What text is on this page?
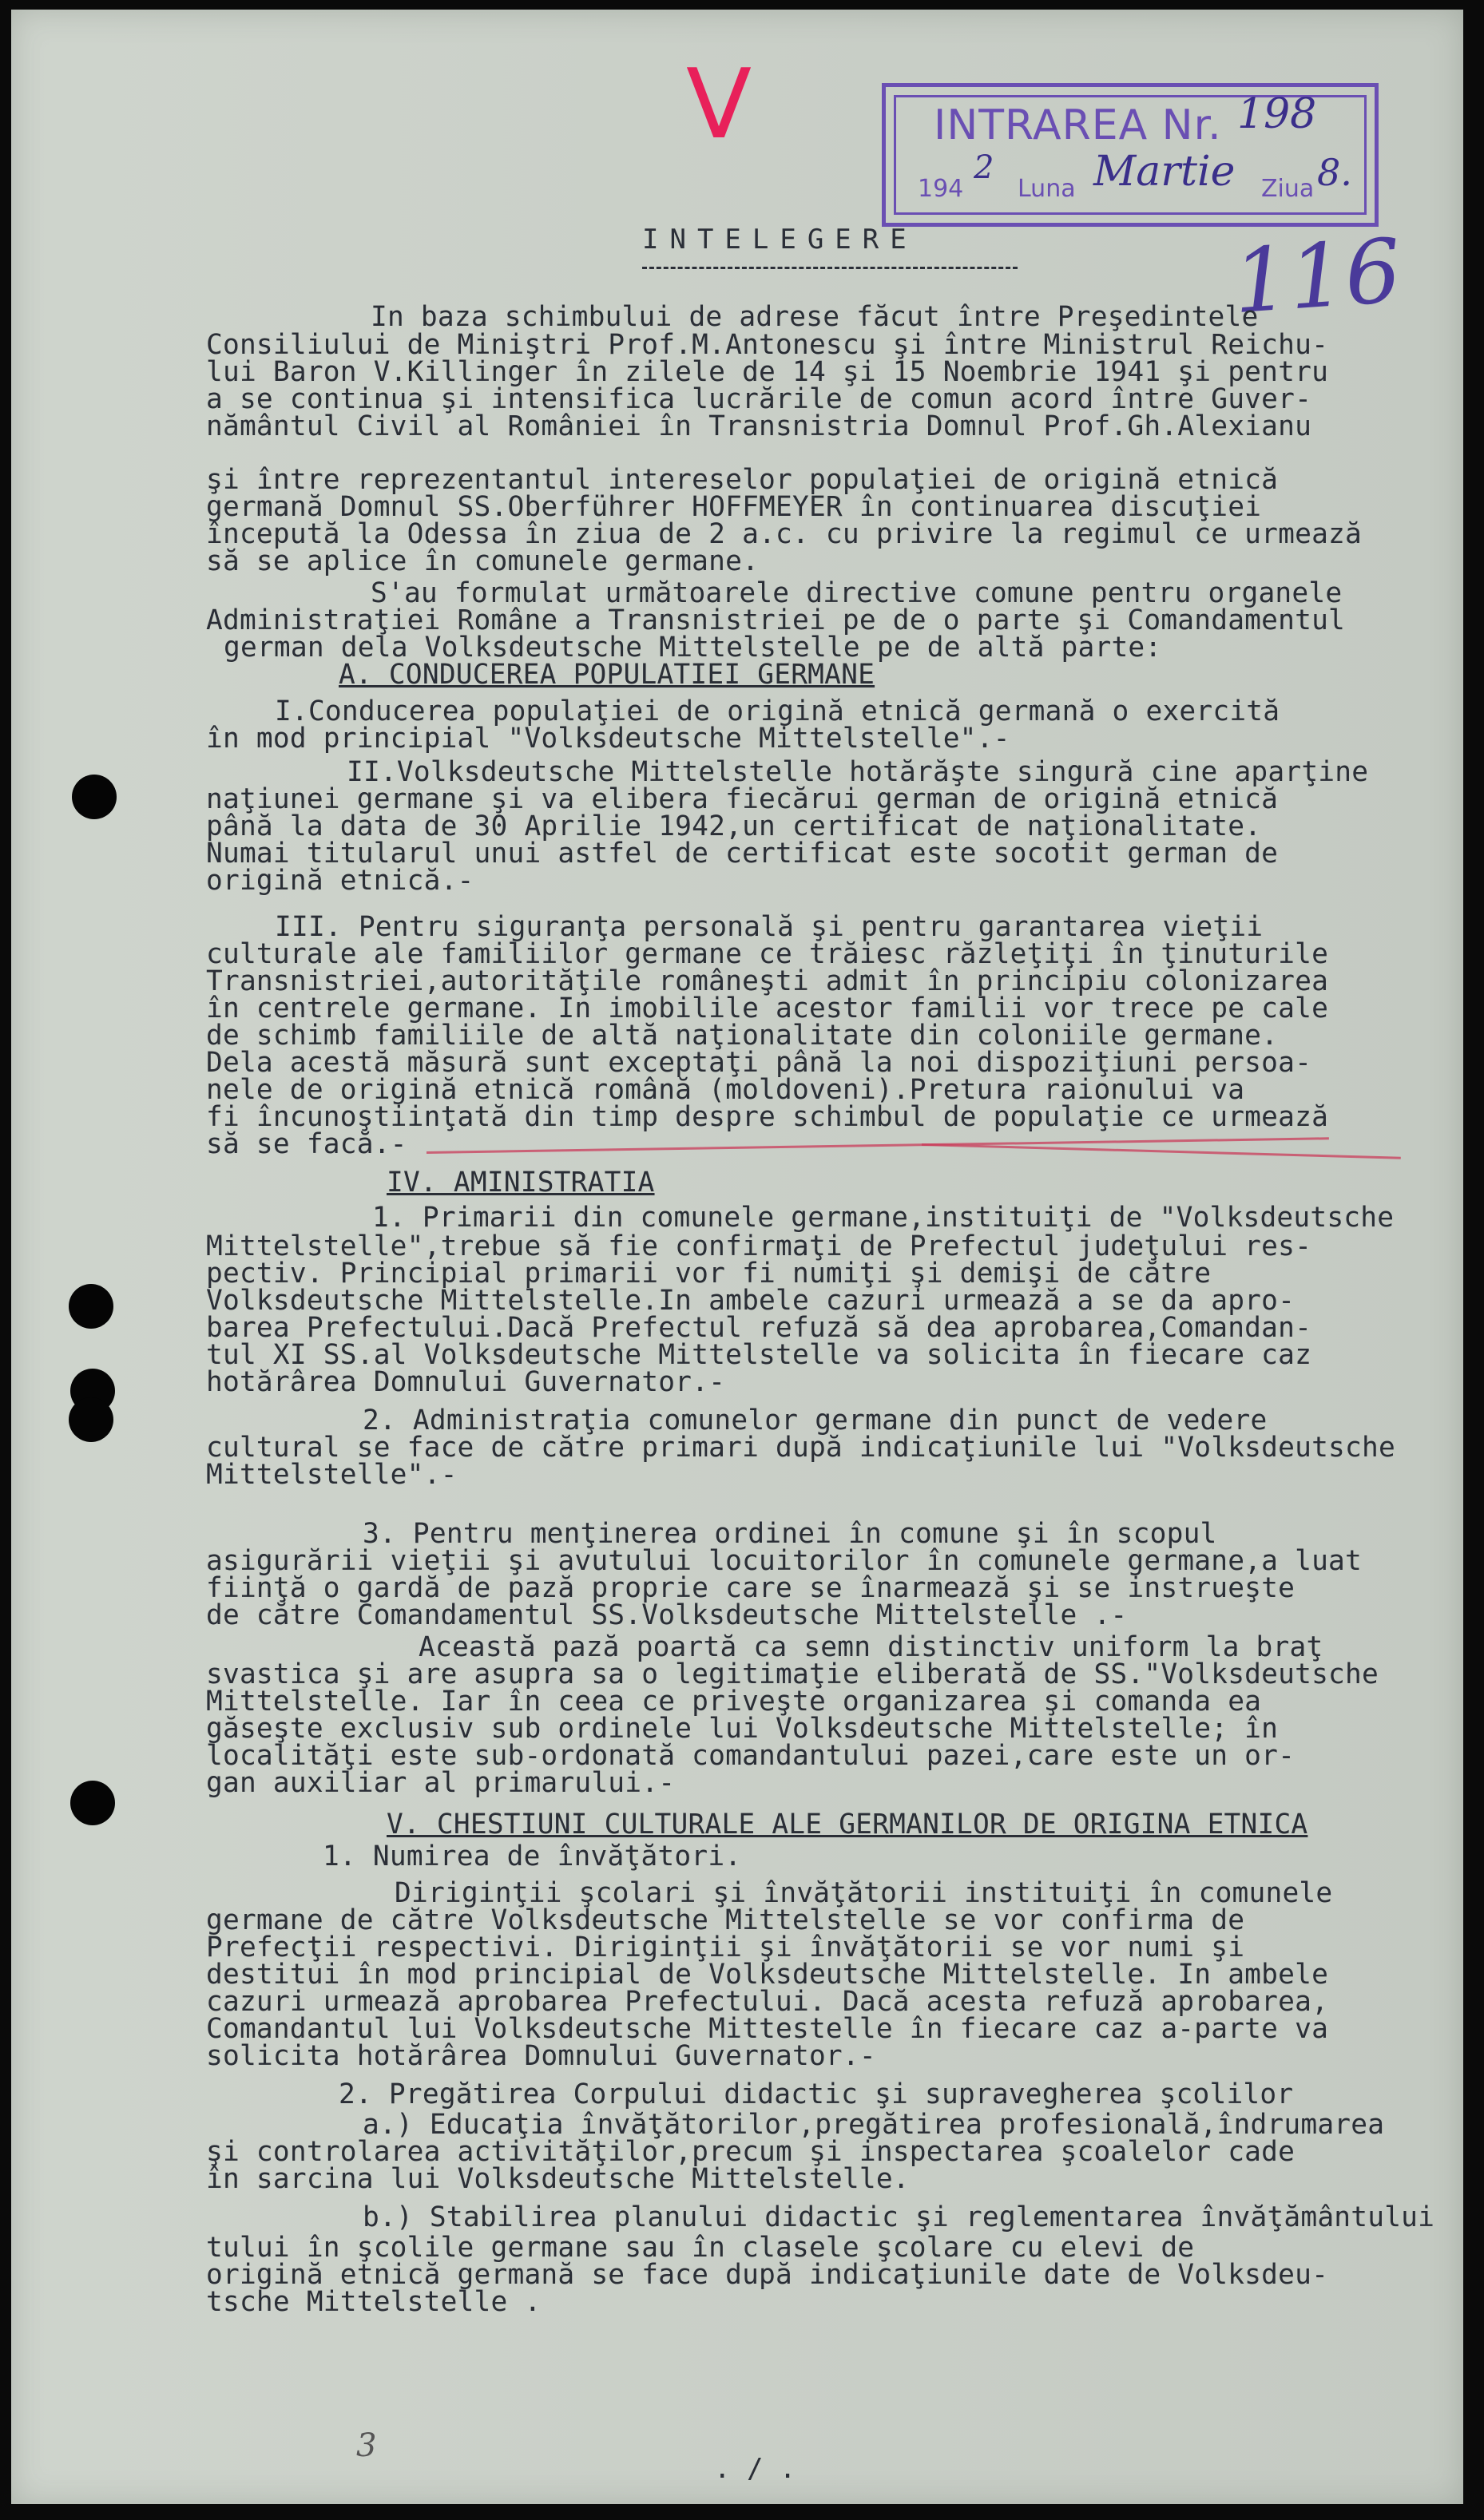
V	INTRAREA Nr. 198
194
2
Luna Martie Ziua 8.
116
INTELEGERE
In baza schimbului de adrese făcut între Preşedintele
Consiliului de Miniştri Prof.M.Antonescu şi între Ministrul Reichu-
lui Baron V.Killinger în zilele de 14 şi 15 Noembrie 1941 şi pentru
a se continua şi intensifica lucrările de comun acord între Guver-
nământul Civil al României în Transnistria Domnul Prof.Gh.Alexianu
şi între reprezentantul intereselor populaţiei de origină etnică
germană Domnul SS.Oberführer HOFFMEYER în continuarea discuţiei
începută la Odessa în ziua de 2 a.c. cu privire la regimul ce urmează
să se aplice în comunele germane.
S'au formulat următoarele directive comune pentru organele
Administraţiei Române a Transnistriei pe de o parte şi Comandamentul
german dela Volksdeutsche Mittelstelle pe de altă parte:
A. CONDUCEREA POPULATIEI GERMANE
I.Conducerea populaţiei de origină etnică germană o exercită
în mod principial "Volksdeutsche Mittelstelle".-
II.Volksdeutsche Mittelstelle hotărăşte singură cine aparţine
naţiunei germane şi va elibera fiecărui german de origină etnică
până la data de 30 Aprilie 1942,un certificat de naţionalitate.
Numai titularul unui astfel de certificat este socotit german de
origină etnică.-
III. Pentru siguranţa personală şi pentru garantarea vieţii
culturale ale familiilor germane ce trăiesc răzleţiţi în ţinuturile
Transnistriei,autorităţile româneşti admit în principiu colonizarea
în centrele germane. In imobilile acestor familii vor trece pe cale
de schimb familiile de altă naţionalitate din coloniile germane.
Dela acestă măsură sunt exceptaţi până la noi dispoziţiuni persoa-
nele de origină etnică română (moldoveni).Pretura raionului va
fi încunoştiinţată din timp despre schimbul de populaţie ce urmează
să se facă.-
IV. AMINISTRATIA
1. Primarii din comunele germane,instituiţi de "Volksdeutsche
Mittelstelle",trebue să fie confirmaţi de Prefectul judeţului res-
pectiv. Principial primarii vor fi numiţi şi demişi de către
Volksdeutsche Mittelstelle.In ambele cazuri urmează a se da apro-
barea Prefectului.Dacă Prefectul refuză să dea aprobarea,Comandan-
tul XI SS.al Volksdeutsche Mittelstelle va solicita în fiecare caz
hotărârea Domnului Guvernator.-
2. Administraţia comunelor germane din punct de vedere
cultural se face de către primari după indicaţiunile lui "Volksdeutsche
Mittelstelle".-
3. Pentru menţinerea ordinei în comune şi în scopul
asigurării vieţii şi avutului locuitorilor în comunele germane,a luat
fiinţă o gardă de pază proprie care se înarmează şi se instrueşte
de către Comandamentul SS.Volksdeutsche Mittelstelle .-
Această pază poartă ca semn distinctiv uniform la braţ
svastica şi are asupra sa o legitimaţie eliberată de SS."Volksdeutsche
Mittelstelle. Iar în ceea ce priveşte organizarea şi comanda ea
găseşte exclusiv sub ordinele lui Volksdeutsche Mittelstelle; în
localităţi este sub-ordonată comandantului pazei,care este un or-
gan auxiliar al primarului.-
V. CHESTIUNI CULTURALE ALE GERMANILOR DE ORIGINA ETNICA
1. Numirea de învăţători.
Diriginţii şcolari şi învăţătorii instituiţi în comunele
germane de către Volksdeutsche Mittelstelle se vor confirma de
Prefecţii respectivi. Diriginţii şi învăţătorii se vor numi şi
destitui în mod principial de Volksdeutsche Mittelstelle. In ambele
cazuri urmează aprobarea Prefectului. Dacă acesta refuză aprobarea,
Comandantul lui Volksdeutsche Mittestelle în fiecare caz a-parte va
solicita hotărârea Domnului Guvernator.-
2. Pregătirea Corpului didactic şi supravegherea şcolilor
a.) Educaţia învăţătorilor,pregătirea profesională,îndrumarea
şi controlarea activităţilor,precum şi inspectarea şcoalelor cade
în sarcina lui Volksdeutsche Mittelstelle.
b.) Stabilirea planului didactic şi reglementarea învăţământului
tului în şcolile germane sau în clasele şcolare cu elevi de
origină etnică germană se face după indicaţiunile date de Volksdeu-
tsche Mittelstelle .
3
. / .
